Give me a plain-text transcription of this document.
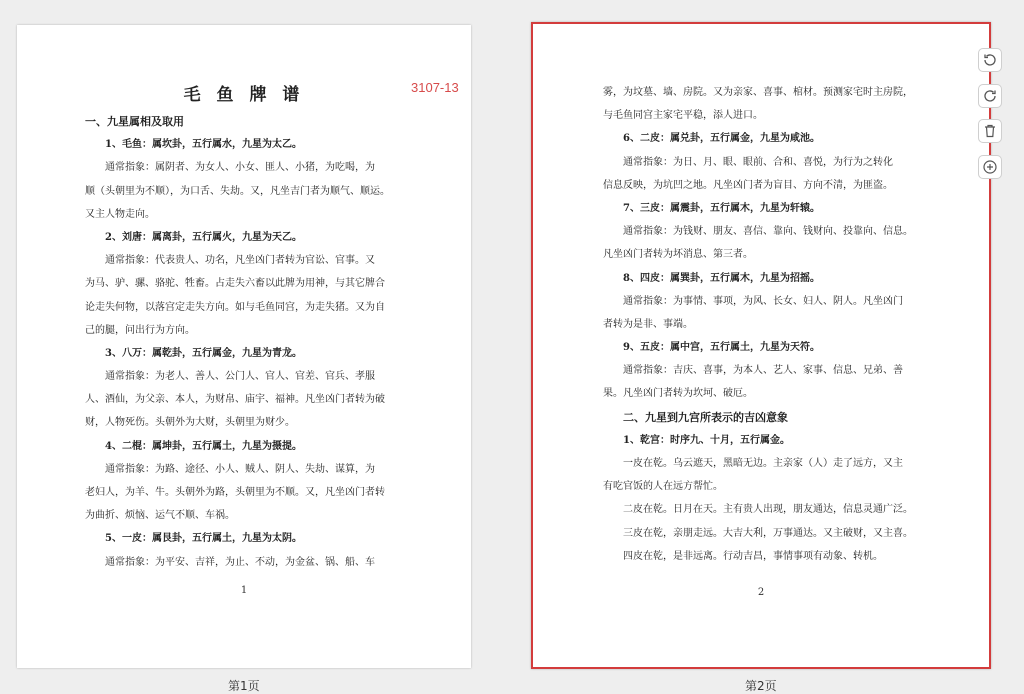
毛 鱼 牌 谱
一、九星属相及取用
1、毛鱼：属坎卦，五行属水，九星为太乙。
通常指象：属阴者、为女人、小女、匪人、小猪，为吃喝，为
顺（头朝里为不顺），为口舌、失劫。又，凡坐吉门者为顺气、顺运。
又主人物走向。
2、刘唐：属离卦，五行属火，九星为天乙。
通常指象：代表贵人、功名，凡坐凶门者转为官讼、官事。又
为马、驴、骡、骆驼、牲畜。占走失六畜以此牌为用神，与其它牌合
论走失何物，以落宫定走失方向。如与毛鱼同宫，为走失猪。又为自
己的腿，问出行为方向。
3、八万：属乾卦，五行属金，九星为青龙。
通常指象：为老人、善人、公门人、官人、官差、官兵、孝服
人、酒仙，为父亲、本人，为财帛、庙宇、福神。凡坐凶门者转为破
财，人物死伤。头朝外为大财，头朝里为财少。
4、二棍：属坤卦，五行属土，九星为摄提。
通常指象：为路、途径、小人、贼人、阴人、失劫、谋算，为
老妇人，为羊、牛。头朝外为路，头朝里为不顺。又，凡坐凶门者转
为曲折、烦恼、运气不顺、车祸。
5、一皮：属艮卦，五行属土，九星为太阴。
通常指象：为平安、吉祥，为止、不动，为金盆、锅、船、车
1
3107-13	雾，为坟墓、墙、房院。又为亲家、喜事、棺材。预测家宅时主房院，
与毛鱼同宫主家宅平稳，添人进口。
6、二皮：属兑卦，五行属金，九星为咸池。
通常指象：为日、月、眼、眼前、合和、喜悦，为行为之转化
信息反映，为坑凹之地。凡坐凶门者为盲目、方向不清，为匪盗。
7、三皮：属震卦，五行属木，九星为轩辕。
通常指象：为钱财、朋友、喜信、靠向、钱财向、投靠向、信息。
凡坐凶门者转为坏消息、第三者。
8、四皮：属巽卦，五行属木，九星为招摇。
通常指象：为事情、事项，为风、长女、妇人、阴人。凡坐凶门
者转为是非、事端。
9、五皮：属中宫，五行属土，九星为天符。
通常指象：吉庆、喜事，为本人、艺人、家事、信息、兄弟、善
果。凡坐凶门者转为坎坷、破厄。
二、九星到九宫所表示的吉凶意象
1、乾宫：时序九、十月，五行属金。
一皮在乾。乌云遮天，黑暗无边。主亲家（人）走了远方，又主
有吃官饭的人在远方帮忙。
二皮在乾。日月在天。主有贵人出现，朋友通达，信息灵通广泛。
三皮在乾，亲朋走远。大吉大利，万事通达。又主破财，又主喜。
四皮在乾，是非远离。行动吉昌，事情事项有动象、转机。
2
第1页	第2页
